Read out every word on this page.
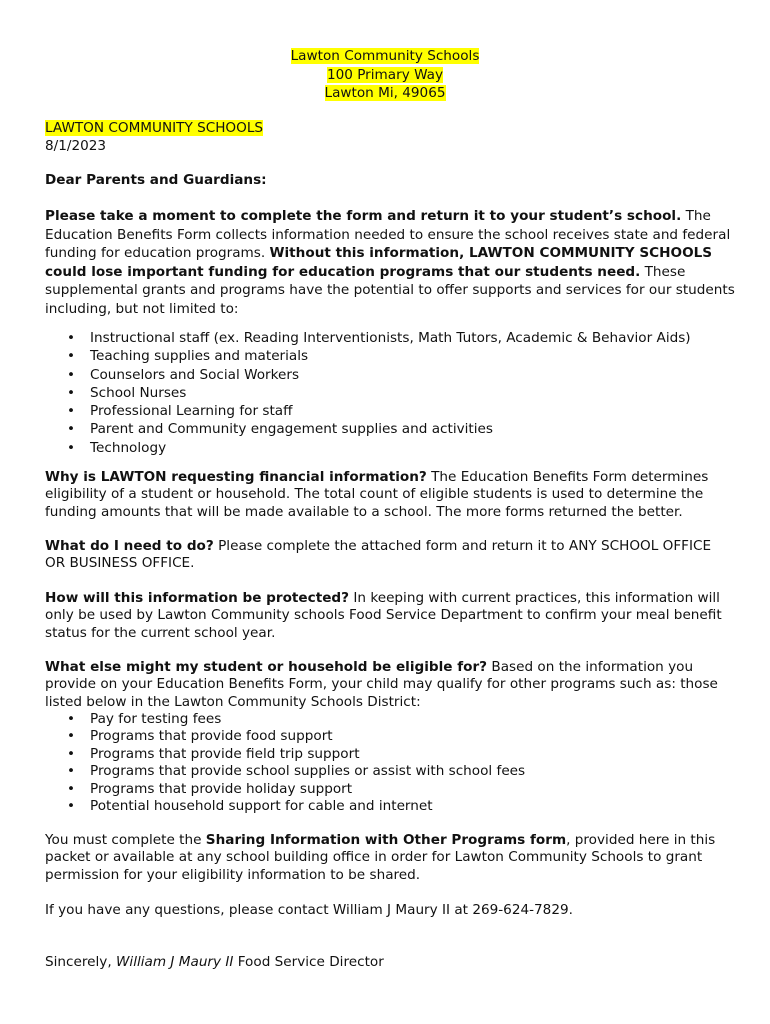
Lawton Community Schools
100 Primary Way
Lawton Mi, 49065
LAWTON COMMUNITY SCHOOLS
8/1/2023
Dear Parents and Guardians:
Please take a moment to complete the form and return it to your student’s school. The Education Benefits Form collects information needed to ensure the school receives state and federal funding for education programs. Without this information, LAWTON COMMUNITY SCHOOLS could lose important funding for education programs that our students need. These supplemental grants and programs have the potential to offer supports and services for our students including, but not limited to:
• Instructional staff (ex. Reading Interventionists, Math Tutors, Academic & Behavior Aids)
• Teaching supplies and materials
• Counselors and Social Workers
• School Nurses
• Professional Learning for staff
• Parent and Community engagement supplies and activities
• Technology
Why is LAWTON requesting financial information? The Education Benefits Form determines eligibility of a student or household. The total count of eligible students is used to determine the funding amounts that will be made available to a school. The more forms returned the better.
What do I need to do? Please complete the attached form and return it to ANY SCHOOL OFFICE OR BUSINESS OFFICE.
How will this information be protected? In keeping with current practices, this information will only be used by Lawton Community schools Food Service Department to confirm your meal benefit status for the current school year.
What else might my student or household be eligible for? Based on the information you provide on your Education Benefits Form, your child may qualify for other programs such as: those listed below in the Lawton Community Schools District:
• Pay for testing fees
• Programs that provide food support
• Programs that provide field trip support
• Programs that provide school supplies or assist with school fees
• Programs that provide holiday support
• Potential household support for cable and internet
You must complete the Sharing Information with Other Programs form, provided here in this packet or available at any school building office in order for Lawton Community Schools to grant permission for your eligibility information to be shared.
If you have any questions, please contact William J Maury II at 269-624-7829.
Sincerely, William J Maury II Food Service Director
